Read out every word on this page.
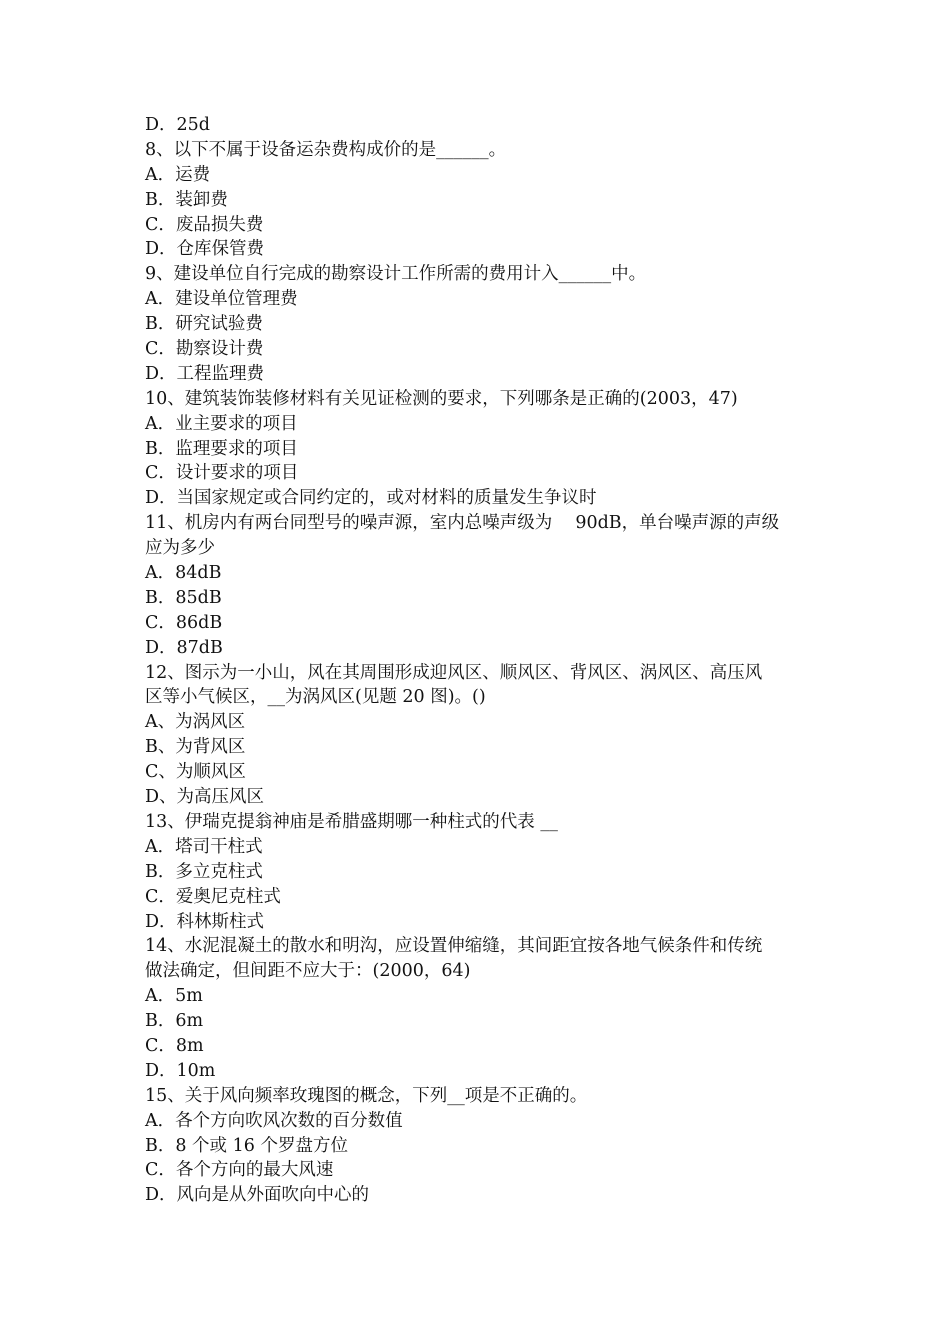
D．25d
8、以下不属于设备运杂费构成价的是______。
A．运费
B．装卸费
C．废品损失费
D．仓库保管费
9、建设单位自行完成的勘察设计工作所需的费用计入______中。
A．建设单位管理费
B．研究试验费
C．勘察设计费
D．工程监理费
10、建筑装饰装修材料有关见证检测的要求，下列哪条是正确的(2003，47)
A．业主要求的项目
B．监理要求的项目
C．设计要求的项目
D．当国家规定或合同约定的，或对材料的质量发生争议时
11、机房内有两台同型号的噪声源，室内总噪声级为　 90dB，单台噪声源的声级
应为多少
A．84dB
B．85dB
C．86dB
D．87dB
12、图示为一小山，风在其周围形成迎风区、顺风区、背风区、涡风区、高压风
区等小气候区，__为涡风区(见题 20 图)。()
A、为涡风区
B、为背风区
C、为顺风区
D、为高压风区
13、伊瑞克提翁神庙是希腊盛期哪一种柱式的代表 __
A．塔司干柱式
B．多立克柱式
C．爱奥尼克柱式
D．科林斯柱式
14、水泥混凝土的散水和明沟，应设置伸缩缝，其间距宜按各地气候条件和传统
做法确定，但间距不应大于：(2000，64)
A．5m
B．6m
C．8m
D．10m
15、关于风向频率玫瑰图的概念，下列__项是不正确的。
A．各个方向吹风次数的百分数值
B．8 个或 16 个罗盘方位
C．各个方向的最大风速
D．风向是从外面吹向中心的
